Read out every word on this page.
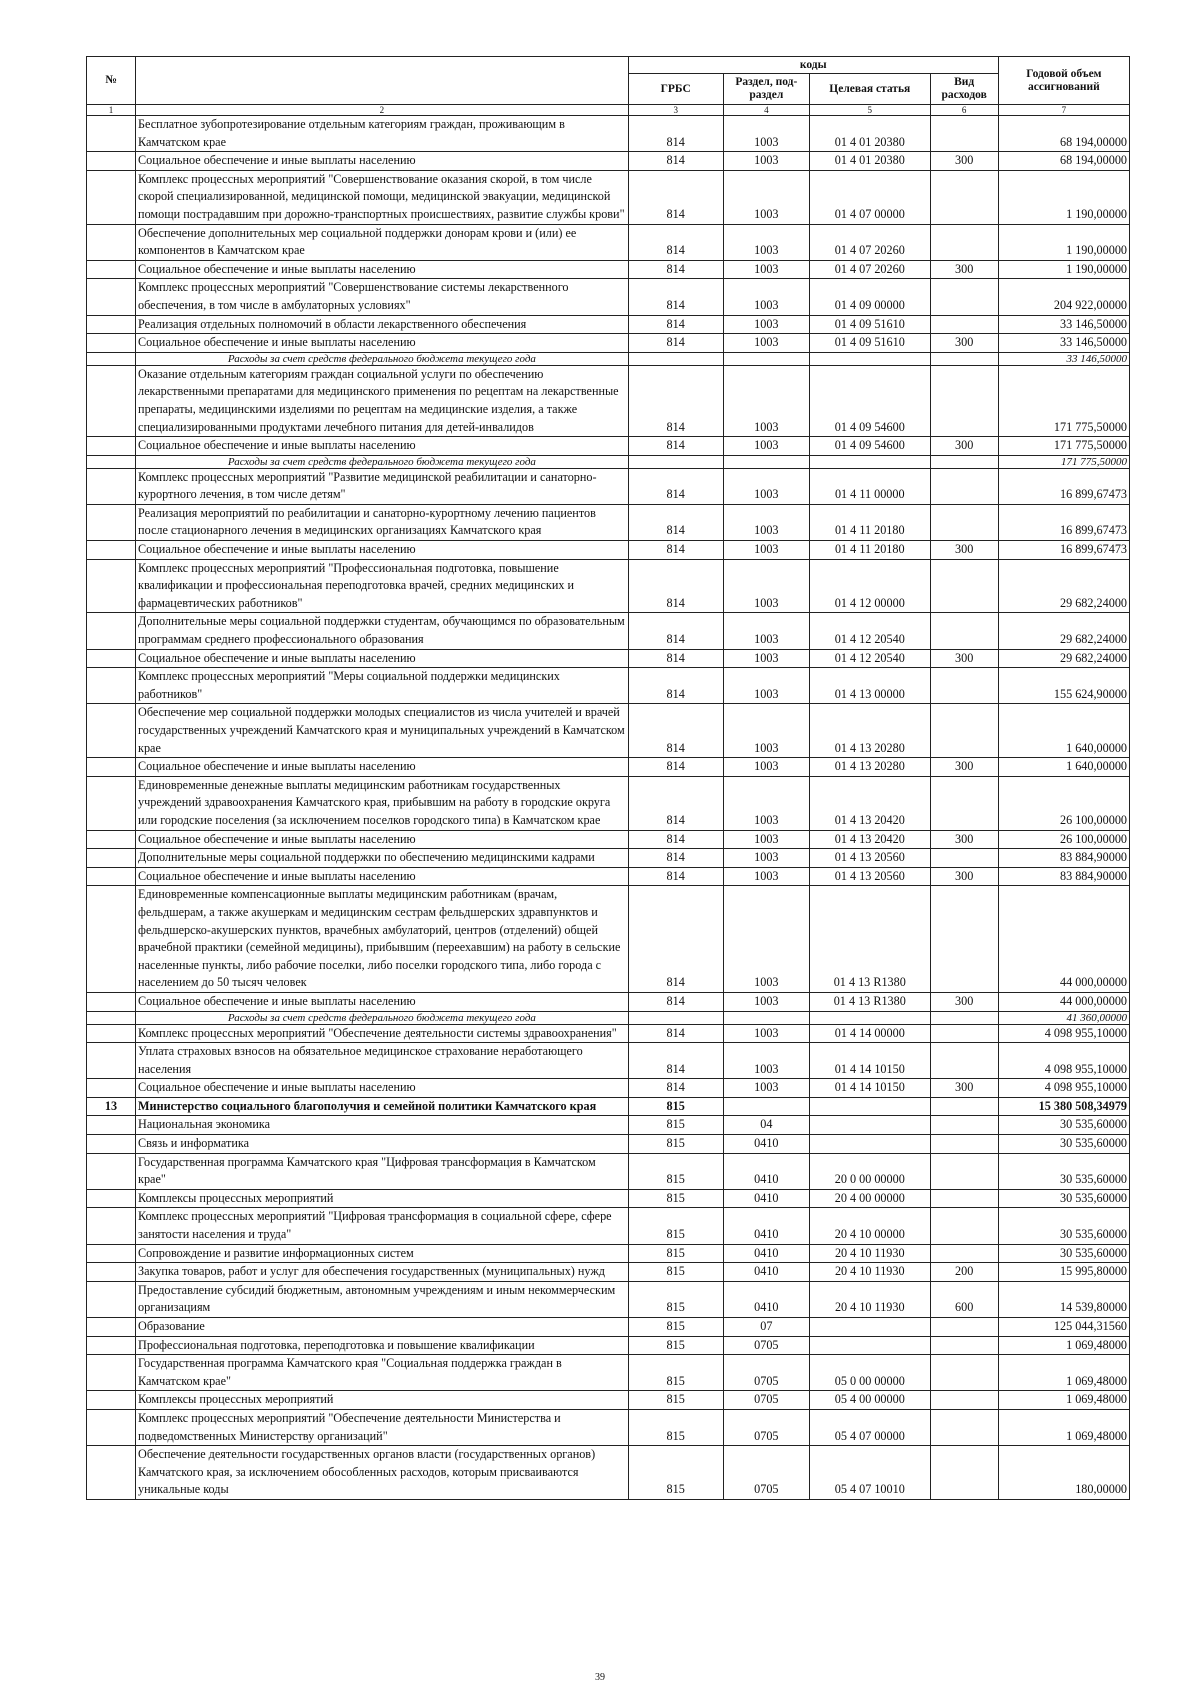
№		коды				Годовой объем ассигнований
		ГРБС	Раздел, под-раздел	Целевая статья	Вид расходов	
1	2	3	4	5	6	7
	Бесплатное зубопротезирование отдельным категориям граждан, проживающим в Камчатском крае	814	1003	01 4 01 20380		68 194,00000
	Социальное обеспечение и иные выплаты населению	814	1003	01 4 01 20380	300	68 194,00000
	Комплекс процессных мероприятий "Совершенствование оказания скорой, в том числе скорой специализированной, медицинской помощи, медицинской эвакуации, медицинской помощи пострадавшим при дорожно-транспортных происшествиях, развитие службы крови"	814	1003	01 4 07 00000		1 190,00000
	Обеспечение дополнительных мер социальной поддержки донорам крови и (или) ее компонентов в Камчатском крае	814	1003	01 4 07 20260		1 190,00000
	Социальное обеспечение и иные выплаты населению	814	1003	01 4 07 20260	300	1 190,00000
	Комплекс процессных мероприятий "Совершенствование системы лекарственного обеспечения, в том числе в амбулаторных условиях"	814	1003	01 4 09 00000		204 922,00000
	Реализация отдельных полномочий в области лекарственного обеспечения	814	1003	01 4 09 51610		33 146,50000
	Социальное обеспечение и иные выплаты населению	814	1003	01 4 09 51610	300	33 146,50000
	Расходы за счет средств федерального бюджета текущего года					33 146,50000
	Оказание отдельным категориям граждан социальной услуги по обеспечению лекарственными препаратами для медицинского применения по рецептам на лекарственные препараты, медицинскими изделиями по рецептам на медицинские изделия, а также специализированными продуктами лечебного питания для детей-инвалидов	814	1003	01 4 09 54600		171 775,50000
	Социальное обеспечение и иные выплаты населению	814	1003	01 4 09 54600	300	171 775,50000
	Расходы за счет средств федерального бюджета текущего года					171 775,50000
	Комплекс процессных мероприятий "Развитие медицинской реабилитации и санаторно-курортного лечения, в том числе детям"	814	1003	01 4 11 00000		16 899,67473
	Реализация мероприятий по реабилитации и санаторно-курортному лечению пациентов после стационарного лечения в медицинских организациях Камчатского края	814	1003	01 4 11 20180		16 899,67473
	Социальное обеспечение и иные выплаты населению	814	1003	01 4 11 20180	300	16 899,67473
	Комплекс процессных мероприятий "Профессиональная подготовка, повышение квалификации и профессиональная переподготовка врачей, средних медицинских и фармацевтических работников"	814	1003	01 4 12 00000		29 682,24000
	Дополнительные меры социальной поддержки студентам, обучающимся по образовательным программам среднего профессионального образования	814	1003	01 4 12 20540		29 682,24000
	Социальное обеспечение и иные выплаты населению	814	1003	01 4 12 20540	300	29 682,24000
	Комплекс процессных мероприятий "Меры социальной поддержки медицинских работников"	814	1003	01 4 13 00000		155 624,90000
	Обеспечение мер социальной поддержки молодых специалистов из числа учителей и врачей государственных учреждений Камчатского края и муниципальных учреждений в Камчатском крае	814	1003	01 4 13 20280		1 640,00000
	Социальное обеспечение и иные выплаты населению	814	1003	01 4 13 20280	300	1 640,00000
	Единовременные денежные выплаты медицинским работникам государственных учреждений здравоохранения Камчатского края, прибывшим на работу в городские округа или городские поселения (за исключением поселков городского типа) в Камчатском крае	814	1003	01 4 13 20420		26 100,00000
	Социальное обеспечение и иные выплаты населению	814	1003	01 4 13 20420	300	26 100,00000
	Дополнительные меры социальной поддержки по обеспечению медицинскими кадрами	814	1003	01 4 13 20560		83 884,90000
	Социальное обеспечение и иные выплаты населению	814	1003	01 4 13 20560	300	83 884,90000
	Единовременные компенсационные выплаты медицинским работникам (врачам, фельдшерам, а также акушеркам и медицинским сестрам фельдшерских здравпунктов и фельдшерско-акушерских пунктов, врачебных амбулаторий, центров (отделений) общей врачебной практики (семейной медицины), прибывшим (переехавшим) на работу в сельские населенные пункты, либо рабочие поселки, либо поселки городского типа, либо города с населением до 50 тысяч человек	814	1003	01 4 13 R1380		44 000,00000
	Социальное обеспечение и иные выплаты населению	814	1003	01 4 13 R1380	300	44 000,00000
	Расходы за счет средств федерального бюджета текущего года					41 360,00000
	Комплекс процессных мероприятий "Обеспечение деятельности системы здравоохранения"	814	1003	01 4 14 00000		4 098 955,10000
	Уплата страховых взносов на обязательное медицинское страхование неработающего населения	814	1003	01 4 14 10150		4 098 955,10000
	Социальное обеспечение и иные выплаты населению	814	1003	01 4 14 10150	300	4 098 955,10000
13	Министерство социального благополучия и семейной политики Камчатского края	815				15 380 508,34979
	Национальная экономика	815	04			30 535,60000
	Связь и информатика	815	0410			30 535,60000
	Государственная программа Камчатского края "Цифровая трансформация в Камчатском крае"	815	0410	20 0 00 00000		30 535,60000
	Комплексы процессных мероприятий	815	0410	20 4 00 00000		30 535,60000
	Комплекс процессных мероприятий "Цифровая трансформация в социальной сфере, сфере занятости населения и труда"	815	0410	20 4 10 00000		30 535,60000
	Сопровождение и развитие информационных систем	815	0410	20 4 10 11930		30 535,60000
	Закупка товаров, работ и услуг для обеспечения государственных (муниципальных) нужд	815	0410	20 4 10 11930	200	15 995,80000
	Предоставление субсидий бюджетным, автономным учреждениям и иным некоммерческим организациям	815	0410	20 4 10 11930	600	14 539,80000
	Образование	815	07			125 044,31560
	Профессиональная подготовка, переподготовка и повышение квалификации	815	0705			1 069,48000
	Государственная программа Камчатского края "Социальная поддержка граждан в Камчатском крае"	815	0705	05 0 00 00000		1 069,48000
	Комплексы процессных мероприятий	815	0705	05 4 00 00000		1 069,48000
	Комплекс процессных мероприятий "Обеспечение деятельности Министерства и подведомственных Министерству организаций"	815	0705	05 4 07 00000		1 069,48000
	Обеспечение деятельности государственных органов власти (государственных органов) Камчатского края, за исключением обособленных расходов, которым присваиваются уникальные коды	815	0705	05 4 07 10010		180,00000
39
